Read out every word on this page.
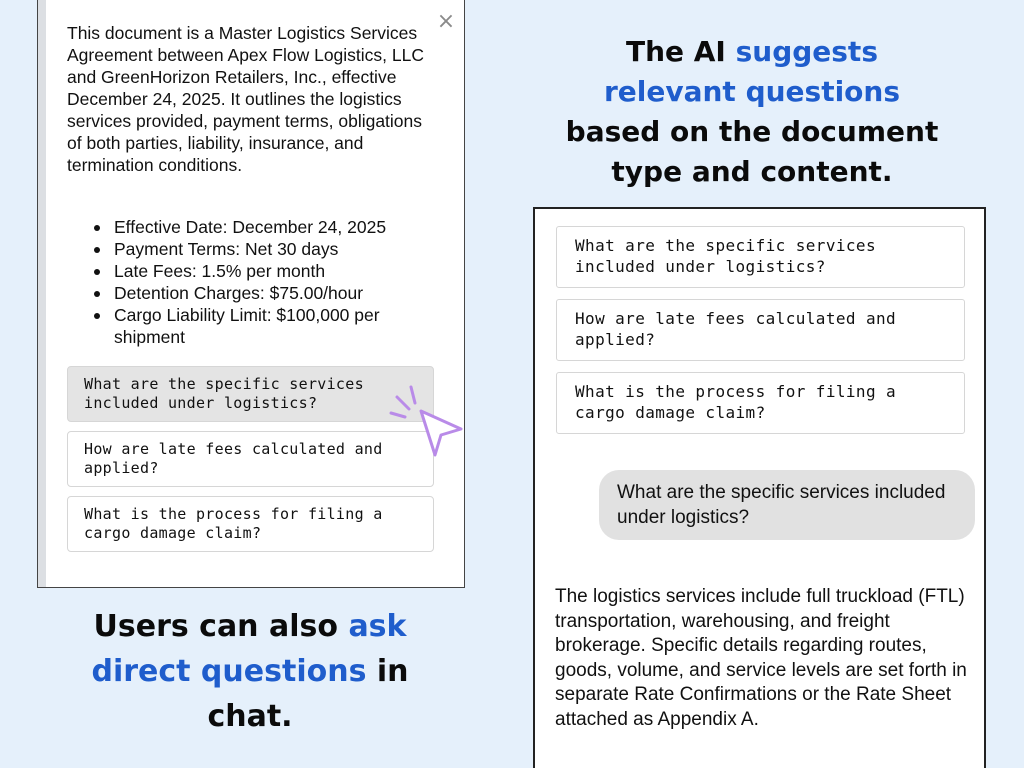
×

This document is a Master Logistics Services Agreement between Apex Flow Logistics, LLC and GreenHorizon Retailers, Inc., effective December 24, 2025. It outlines the logistics services provided, payment terms, obligations of both parties, liability, insurance, and termination conditions.

Effective Date: December 24, 2025
Payment Terms: Net 30 days
Late Fees: 1.5% per month
Detention Charges: $75.00/hour
Cargo Liability Limit: $100,000 per shipment
What are the specific services included under logistics?
How are late fees calculated and applied?
What is the process for filing a cargo damage claim?
The AI suggests relevant questions based on the document type and content.
Users can also ask direct questions in chat.
What are the specific services included under logistics?
How are late fees calculated and applied?
What is the process for filing a cargo damage claim?
What are the specific services included under logistics?

The logistics services include full truckload (FTL) transportation, warehousing, and freight brokerage. Specific details regarding routes, goods, volume, and service levels are set forth in separate Rate Confirmations or the Rate Sheet attached as Appendix A.
